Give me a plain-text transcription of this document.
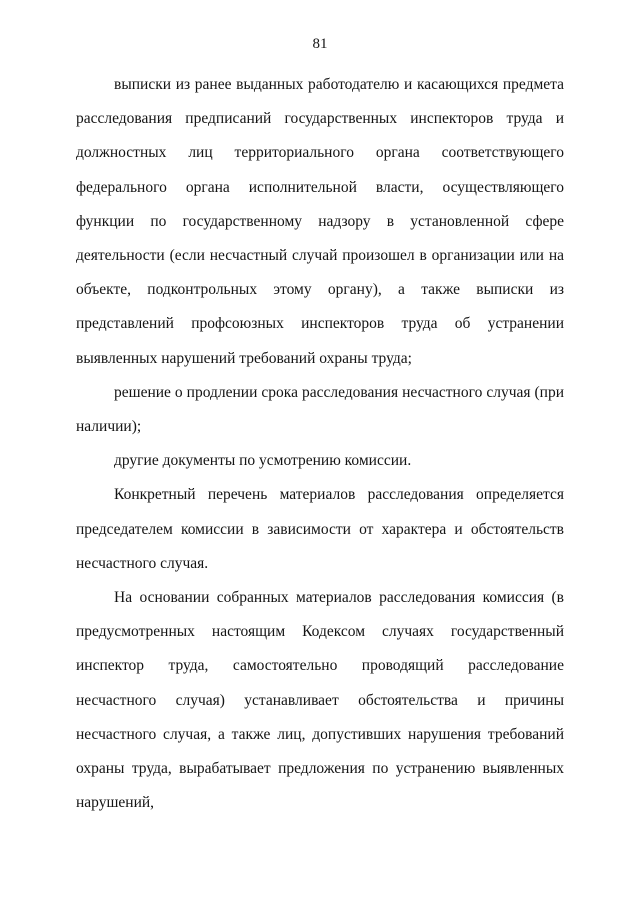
81

выписки из ранее выданных работодателю и касающихся предмета расследования предписаний государственных инспекторов труда и должностных лиц территориального органа соответствующего федерального органа исполнительной власти, осуществляющего функции по государственному надзору в установленной сфере деятельности (если несчастный случай произошел в организации или на объекте, подконтрольных этому органу), а также выписки из представлений профсоюзных инспекторов труда об устранении выявленных нарушений требований охраны труда;

решение о продлении срока расследования несчастного случая (при наличии);

другие документы по усмотрению комиссии.

Конкретный перечень материалов расследования определяется председателем комиссии в зависимости от характера и обстоятельств несчастного случая.

На основании собранных материалов расследования комиссия (в предусмотренных настоящим Кодексом случаях государственный инспектор труда, самостоятельно проводящий расследование несчастного случая) устанавливает обстоятельства и причины несчастного случая, а также лиц, допустивших нарушения требований охраны труда, вырабатывает предложения по устранению выявленных нарушений,
